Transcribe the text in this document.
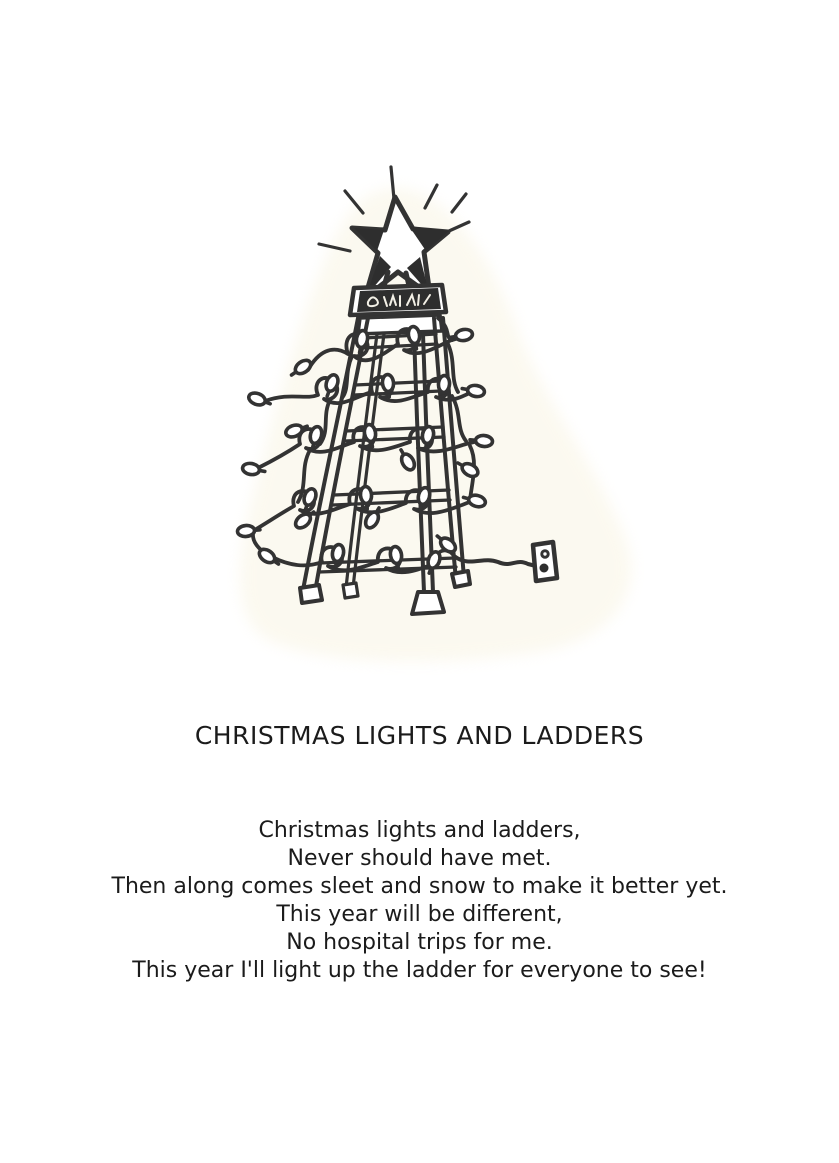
CHRISTMAS LIGHTS AND LADDERS

Christmas lights and ladders,

Never should have met.

Then along comes sleet and snow to make it better yet.

This year will be different,

No hospital trips for me.

This year I'll light up the ladder for everyone to see!
